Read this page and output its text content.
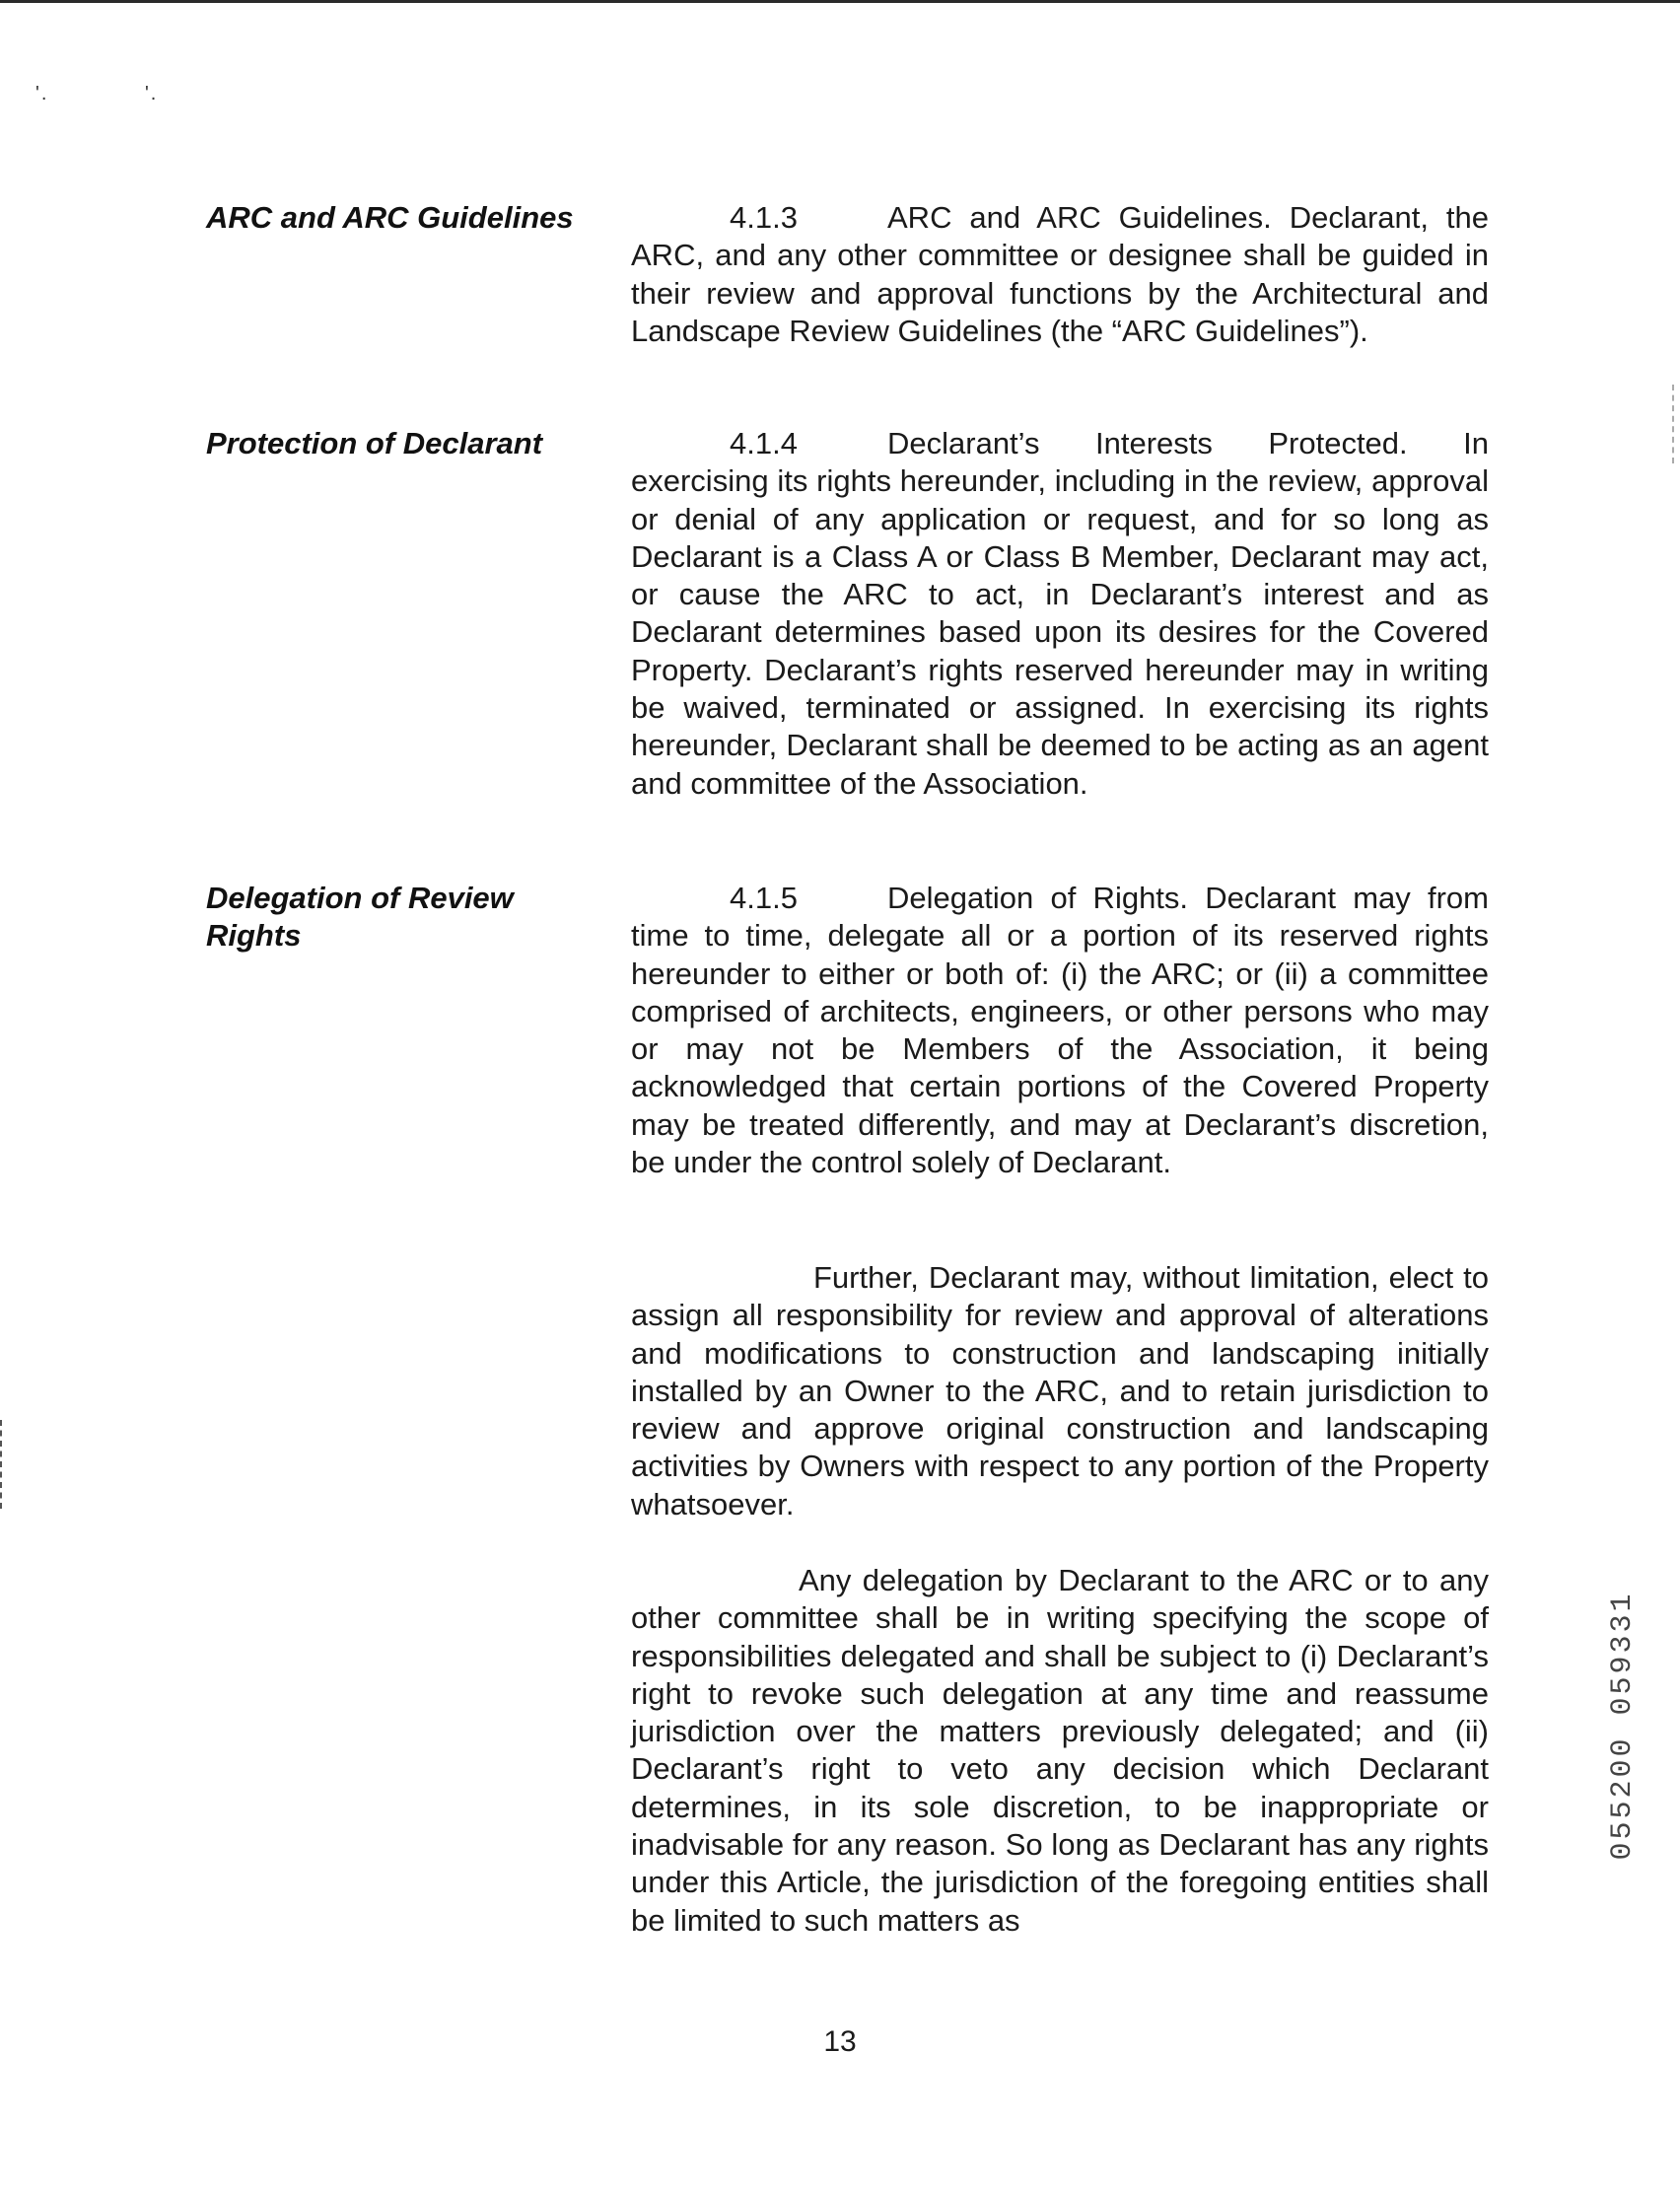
'.	'.
ARC and ARC Guidelines	4.1.3	ARC and ARC Guidelines. Declarant, the ARC, and any other committee or designee shall be guided in their review and approval functions by the Architectural and Landscape Review Guidelines (the “ARC Guidelines”).
Protection of Declarant	4.1.4	Declarant’s Interests Protected. In exercising its rights hereunder, including in the review, approval or denial of any application or request, and for so long as Declarant is a Class A or Class B Member, Declarant may act, or cause the ARC to act, in Declarant’s interest and as Declarant determines based upon its desires for the Covered Property. Declarant’s rights reserved hereunder may in writing be waived, terminated or assigned. In exercising its rights hereunder, Declarant shall be deemed to be acting as an agent and committee of the Association.
Delegation of Review Rights
4.1.5	Delegation of Rights. Declarant may from time to time, delegate all or a portion of its reserved rights hereunder to either or both of: (i) the ARC; or (ii) a committee comprised of architects, engineers, or other persons who may or may not be Members of the Association, it being acknowledged that certain portions of the Covered Property may be treated differently, and may at Declarant’s discretion, be under the control solely of Declarant.
Further, Declarant may, without limitation, elect to assign all responsibility for review and approval of alterations and modifications to construction and landscaping initially installed by an Owner to the ARC, and to retain jurisdiction to review and approve original construction and landscaping activities by Owners with respect to any portion of the Property whatsoever.
Any delegation by Declarant to the ARC or to any other committee shall be in writing specifying the scope of responsibilities delegated and shall be subject to (i) Declarant’s right to revoke such delegation at any time and reassume jurisdiction over the matters previously delegated; and (ii) Declarant’s right to veto any decision which Declarant determines, in its sole discretion, to be inappropriate or inadvisable for any reason. So long as Declarant has any rights under this Article, the jurisdiction of the foregoing entities shall be limited to such matters as
13
055200 059331
